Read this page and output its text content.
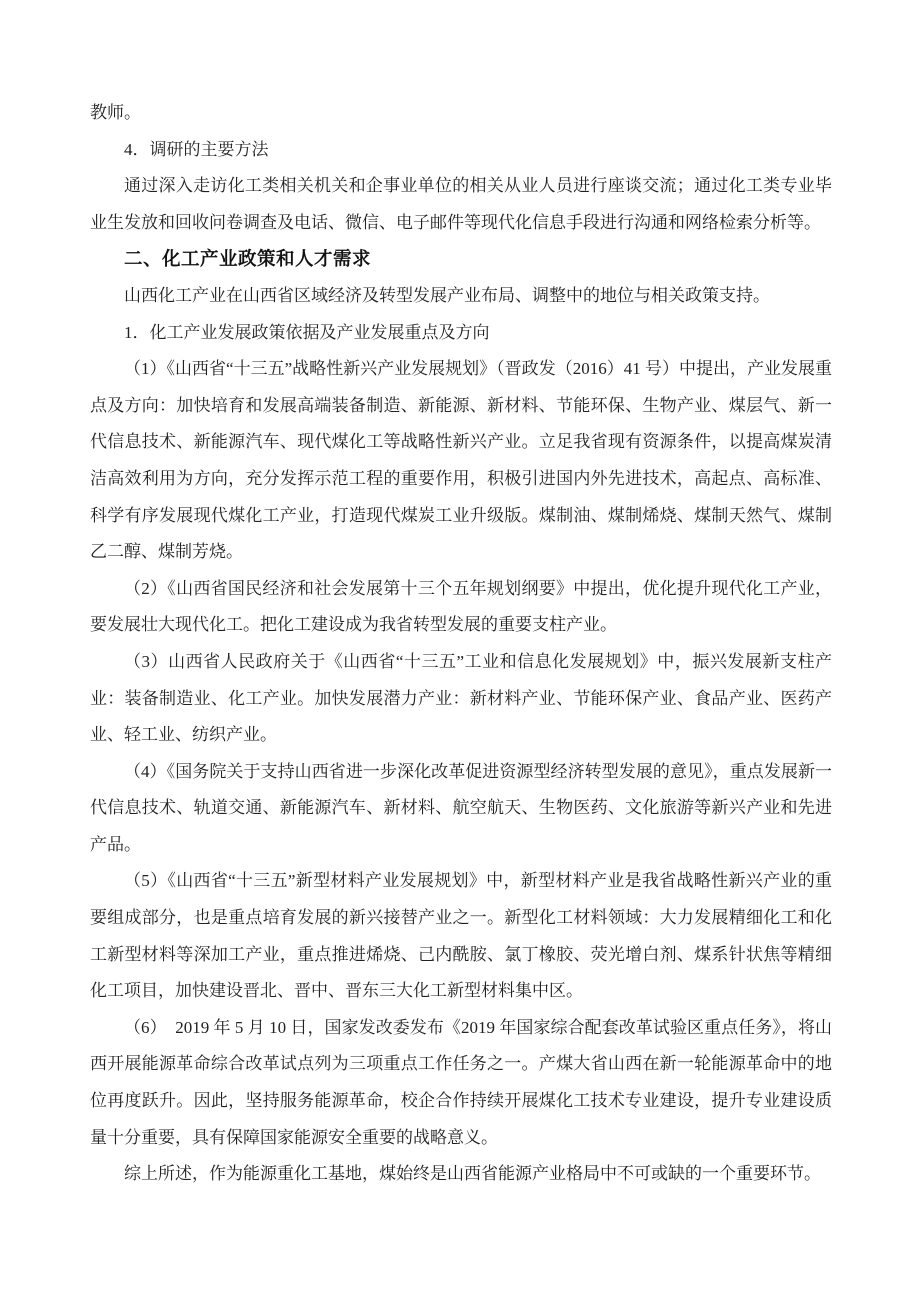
教师。

4．调研的主要方法

通过深入走访化工类相关机关和企事业单位的相关从业人员进行座谈交流；通过化工类专业毕业生发放和回收问卷调查及电话、微信、电子邮件等现代化信息手段进行沟通和网络检索分析等。

二、化工产业政策和人才需求

山西化工产业在山西省区域经济及转型发展产业布局、调整中的地位与相关政策支持。

1．化工产业发展政策依据及产业发展重点及方向

（1）《山西省“十三五”战略性新兴产业发展规划》（晋政发（2016）41 号）中提出，产业发展重点及方向：加快培育和发展高端装备制造、新能源、新材料、节能环保、生物产业、煤层气、新一代信息技术、新能源汽车、现代煤化工等战略性新兴产业。立足我省现有资源条件，以提高煤炭清洁高效利用为方向，充分发挥示范工程的重要作用，积极引进国内外先进技术，高起点、高标准、科学有序发展现代煤化工产业，打造现代煤炭工业升级版。煤制油、煤制烯烧、煤制天然气、煤制乙二醇、煤制芳烧。

（2）《山西省国民经济和社会发展第十三个五年规划纲要》中提出，优化提升现代化工产业，要发展壮大现代化工。把化工建设成为我省转型发展的重要支柱产业。

（3）山西省人民政府关于《山西省“十三五”工业和信息化发展规划》中，振兴发展新支柱产业：装备制造业、化工产业。加快发展潜力产业：新材料产业、节能环保产业、食品产业、医药产业、轻工业、纺织产业。

（4）《国务院关于支持山西省进一步深化改革促进资源型经济转型发展的意见》，重点发展新一代信息技术、轨道交通、新能源汽车、新材料、航空航天、生物医药、文化旅游等新兴产业和先进产品。

（5）《山西省“十三五”新型材料产业发展规划》中，新型材料产业是我省战略性新兴产业的重要组成部分，也是重点培育发展的新兴接替产业之一。新型化工材料领域：大力发展精细化工和化工新型材料等深加工产业，重点推进烯烧、己内酰胺、氯丁橡胶、荧光增白剂、煤系针状焦等精细化工项目，加快建设晋北、晋中、晋东三大化工新型材料集中区。

（6）　2019 年 5 月 10 日，国家发改委发布《2019 年国家综合配套改革试验区重点任务》，将山西开展能源革命综合改革试点列为三项重点工作任务之一。产煤大省山西在新一轮能源革命中的地位再度跃升。因此，坚持服务能源革命，校企合作持续开展煤化工技术专业建设，提升专业建设质量十分重要，具有保障国家能源安全重要的战略意义。

综上所述，作为能源重化工基地，煤始终是山西省能源产业格局中不可或缺的一个重要环节。
